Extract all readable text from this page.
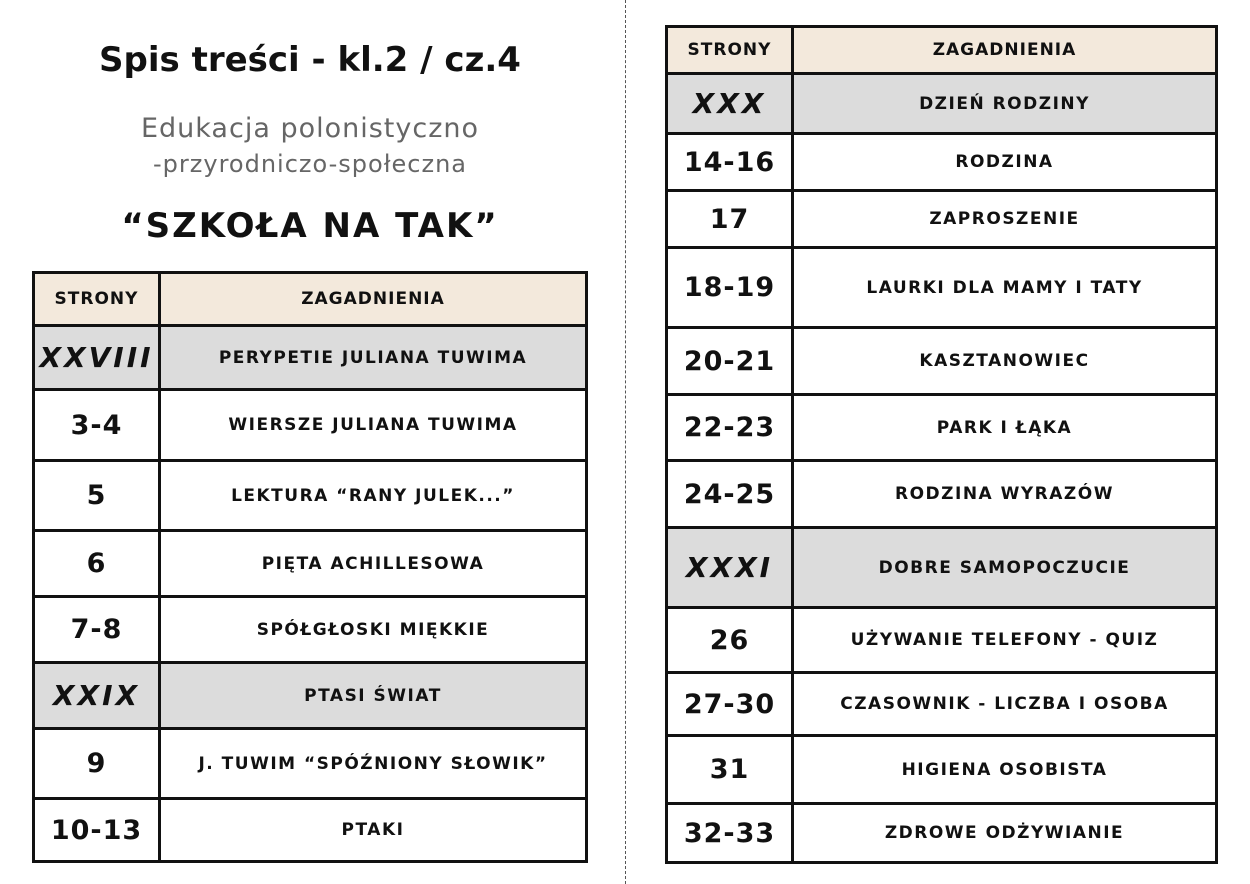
Spis treści - kl.2 / cz.4
Edukacja polonistyczno
-przyrodniczo-społeczna
“SZKOŁA NA TAK”
STRONY	ZAGADNIENIA
XXVIII	PERYPETIE JULIANA TUWIMA
3-4	WIERSZE JULIANA TUWIMA
5	LEKTURA “RANY JULEK...”
6	PIĘTA ACHILLESOWA
7-8	SPÓŁGŁOSKI MIĘKKIE
XXIX	PTASI ŚWIAT
9	J. TUWIM “SPÓŹNIONY SŁOWIK”
10-13	PTAKI
STRONY	ZAGADNIENIA
XXX	DZIEŃ RODZINY
14-16	RODZINA
17	ZAPROSZENIE
18-19	LAURKI DLA MAMY I TATY
20-21	KASZTANOWIEC
22-23	PARK I ŁĄKA
24-25	RODZINA WYRAZÓW
XXXI	DOBRE SAMOPOCZUCIE
26	UŻYWANIE TELEFONY - QUIZ
27-30	CZASOWNIK - LICZBA I OSOBA
31	HIGIENA OSOBISTA
32-33	ZDROWE ODŻYWIANIE
